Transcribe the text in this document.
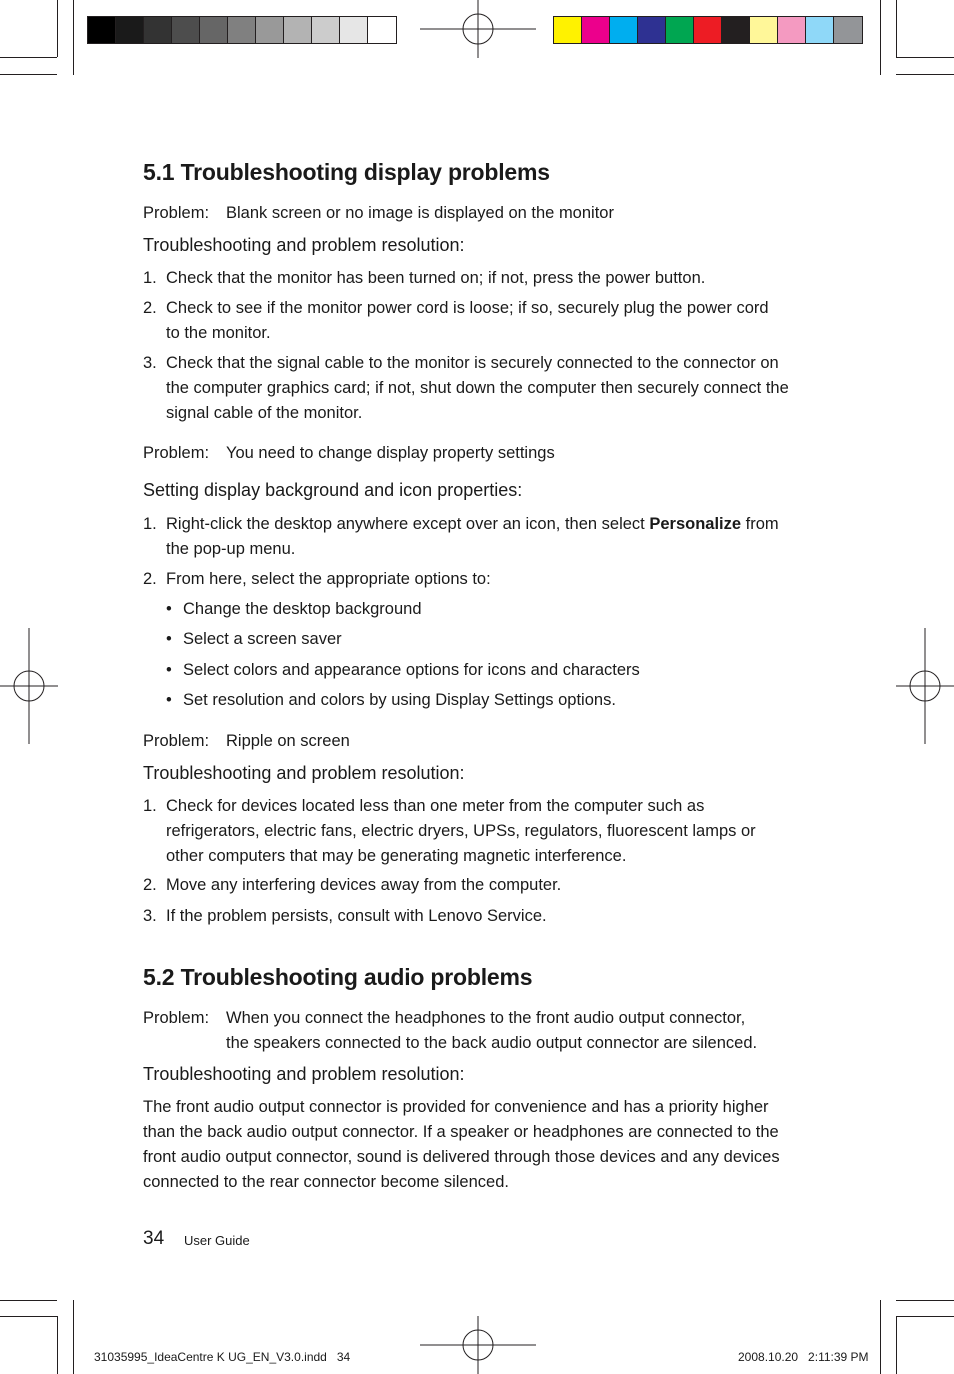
5.1 Troubleshooting display problems
Problem: Blank screen or no image is displayed on the monitor
Troubleshooting and problem resolution:
1. Check that the monitor has been turned on; if not, press the power button.
2. Check to see if the monitor power cord is loose; if so, securely plug the power cord to the monitor.
3. Check that the signal cable to the monitor is securely connected to the connector on the computer graphics card; if not, shut down the computer then securely connect the signal cable of the monitor.
Problem: You need to change display property settings
Setting display background and icon properties:
1. Right-click the desktop anywhere except over an icon, then select Personalize from the pop-up menu.
2. From here, select the appropriate options to:
• Change the desktop background
• Select a screen saver
• Select colors and appearance options for icons and characters
• Set resolution and colors by using Display Settings options.
Problem: Ripple on screen
Troubleshooting and problem resolution:
1. Check for devices located less than one meter from the computer such as refrigerators, electric fans, electric dryers, UPSs, regulators, fluorescent lamps or other computers that may be generating magnetic interference.
2. Move any interfering devices away from the computer.
3. If the problem persists, consult with Lenovo Service.
5.2 Troubleshooting audio problems
Problem: When you connect the headphones to the front audio output connector,
the speakers connected to the back audio output connector are silenced.
Troubleshooting and problem resolution:
The front audio output connector is provided for convenience and has a priority higher than the back audio output connector. If a speaker or headphones are connected to the front audio output connector, sound is delivered through those devices and any devices connected to the rear connector become silenced.
34 User Guide
31035995_IdeaCentre K UG_EN_V3.0.indd   34	2008.10.20   2:11:39 PM
